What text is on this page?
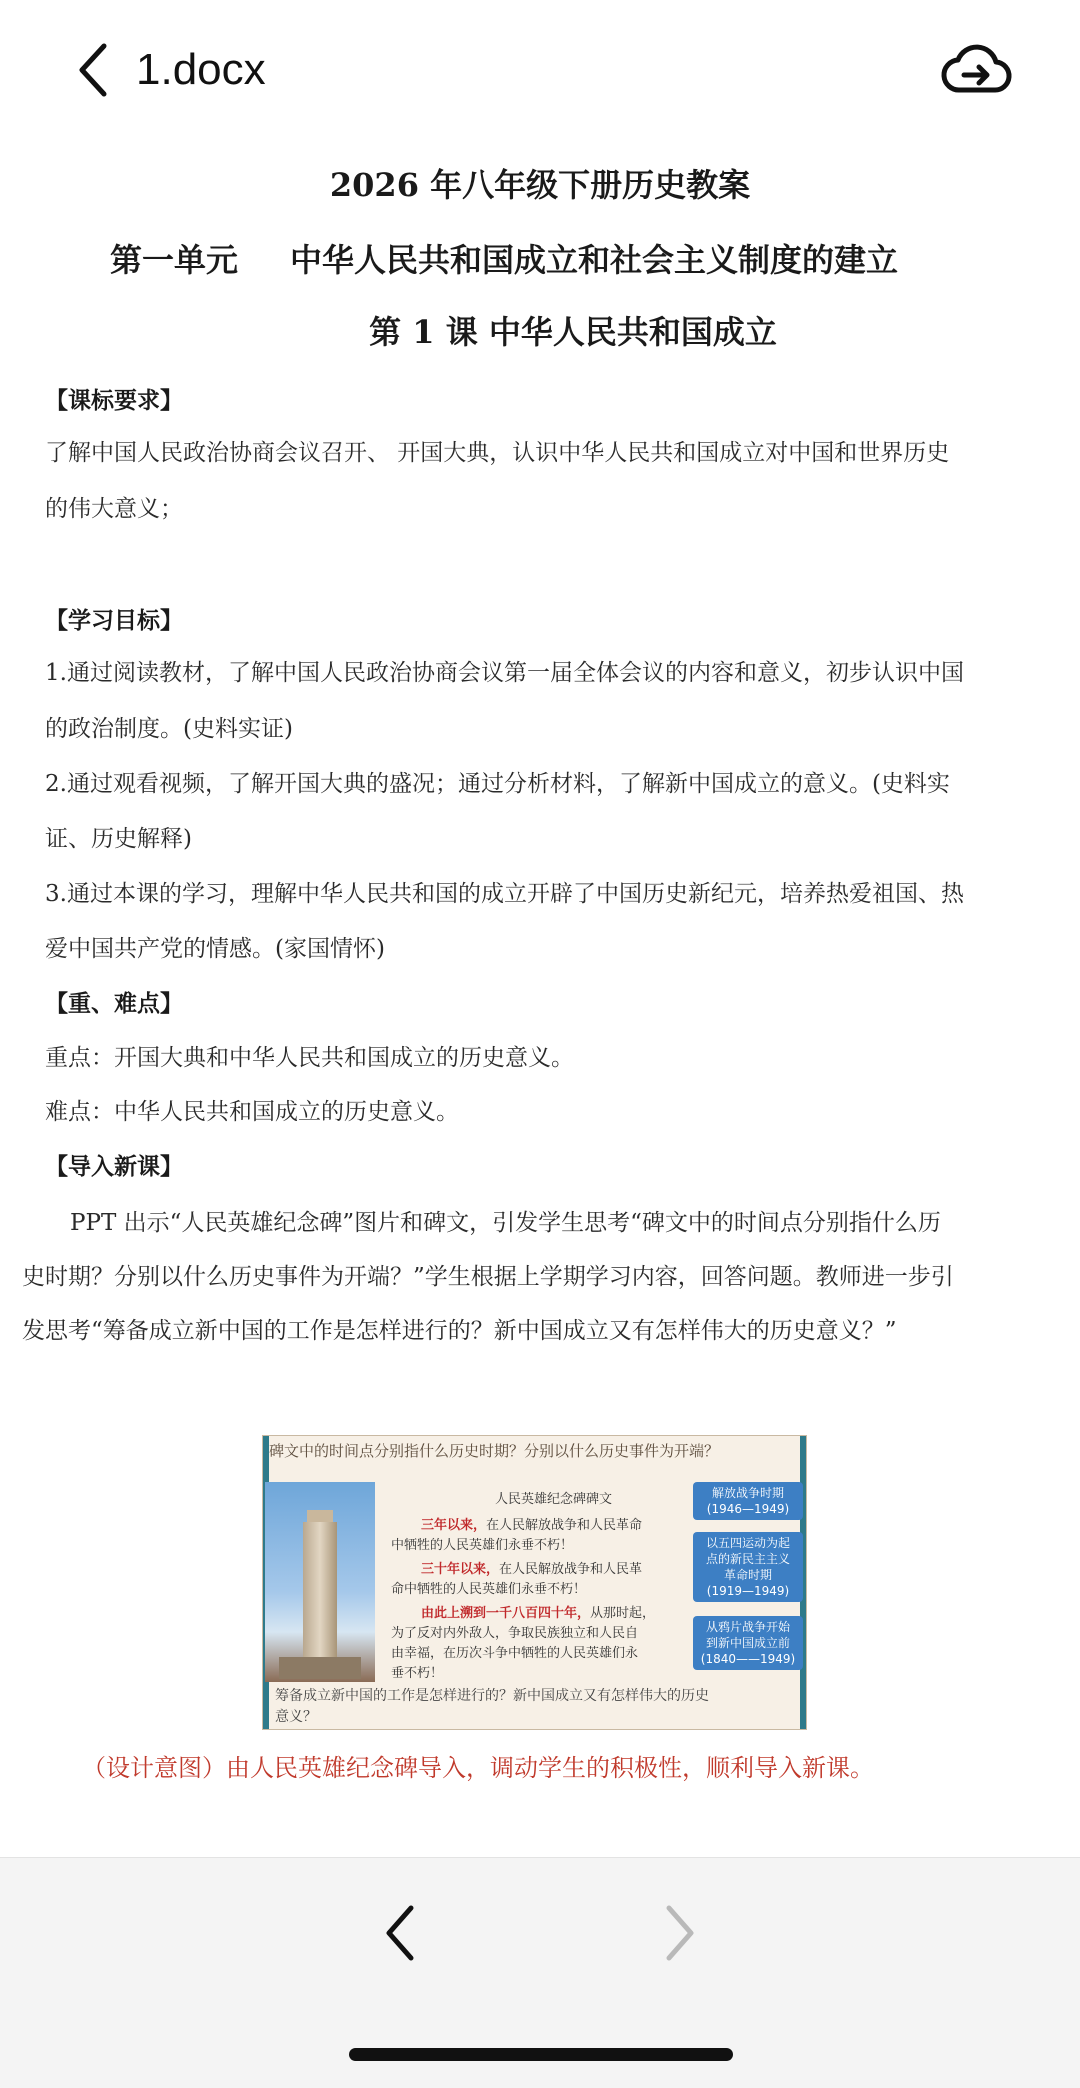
1.docx
2026 年八年级下册历史教案
第一单元 中华人民共和国成立和社会主义制度的建立
第 1 课 中华人民共和国成立
【课标要求】
了解中国人民政治协商会议召开、 开国大典，认识中华人民共和国成立对中国和世界历史
的伟大意义；
【学习目标】
1.通过阅读教材，了解中国人民政治协商会议第一届全体会议的内容和意义，初步认识中国
的政治制度。(史料实证)
2.通过观看视频，了解开国大典的盛况；通过分析材料，了解新中国成立的意义。(史料实
证、历史解释)
3.通过本课的学习，理解中华人民共和国的成立开辟了中国历史新纪元，培养热爱祖国、热
爱中国共产党的情感。(家国情怀)
【重、难点】
重点：开国大典和中华人民共和国成立的历史意义。
难点：中华人民共和国成立的历史意义。
【导入新课】
PPT 出示“人民英雄纪念碑”图片和碑文，引发学生思考“碑文中的时间点分别指什么历
史时期？分别以什么历史事件为开端？”学生根据上学期学习内容，回答问题。教师进一步引
发思考“筹备成立新中国的工作是怎样进行的？新中国成立又有怎样伟大的历史意义？”
碑文中的时间点分别指什么历史时期？分别以什么历史事件为开端？
人民英雄纪念碑碑文
三年以来，在人民解放战争和人民革命
中牺牲的人民英雄们永垂不朽！
三十年以来，在人民解放战争和人民革
命中牺牲的人民英雄们永垂不朽！
由此上溯到一千八百四十年，从那时起，
为了反对内外敌人，争取民族独立和人民自
由幸福，在历次斗争中牺牲的人民英雄们永
垂不朽！
解放战争时期
(1946—1949)
以五四运动为起
点的新民主主义
革命时期
(1919—1949)
从鸦片战争开始
到新中国成立前
(1840——1949)
筹备成立新中国的工作是怎样进行的？新中国成立又有怎样伟大的历史
意义？
（设计意图）由人民英雄纪念碑导入，调动学生的积极性，顺利导入新课。
